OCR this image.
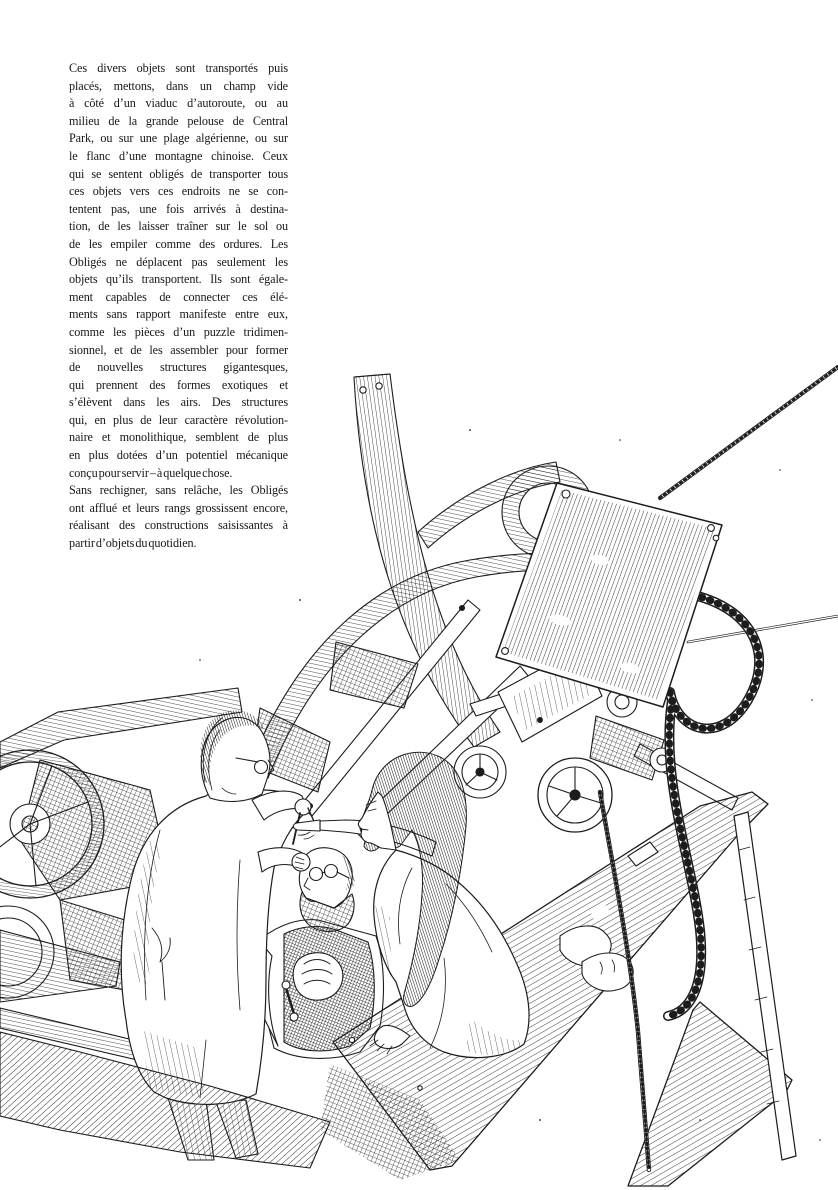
Ces divers objets sont transportés puis
placés, mettons, dans un champ vide
à côté d’un viaduc d’autoroute, ou au
milieu de la grande pelouse de Central
Park, ou sur une plage algérienne, ou sur
le flanc d’une montagne chinoise. Ceux
qui se sentent obligés de transporter tous
ces objets vers ces endroits ne se con-
tentent pas, une fois arrivés à destina-
tion, de les laisser traîner sur le sol ou
de les empiler comme des ordures. Les
Obligés ne déplacent pas seulement les
objets qu’ils transportent. Ils sont égale-
ment capables de connecter ces élé-
ments sans rapport manifeste entre eux,
comme les pièces d’un puzzle tridimen-
sionnel, et de les assembler pour former
de nouvelles structures gigantesques,
qui prennent des formes exotiques et
s’élèvent dans les airs. Des structures
qui, en plus de leur caractère révolution-
naire et monolithique, semblent de plus
en plus dotées d’un potentiel mécanique
conçu pour servir – à quelque chose.
Sans rechigner, sans relâche, les Obligés
ont afflué et leurs rangs grossissent encore,
réalisant des constructions saisissantes à
partir d’objets du quotidien.
